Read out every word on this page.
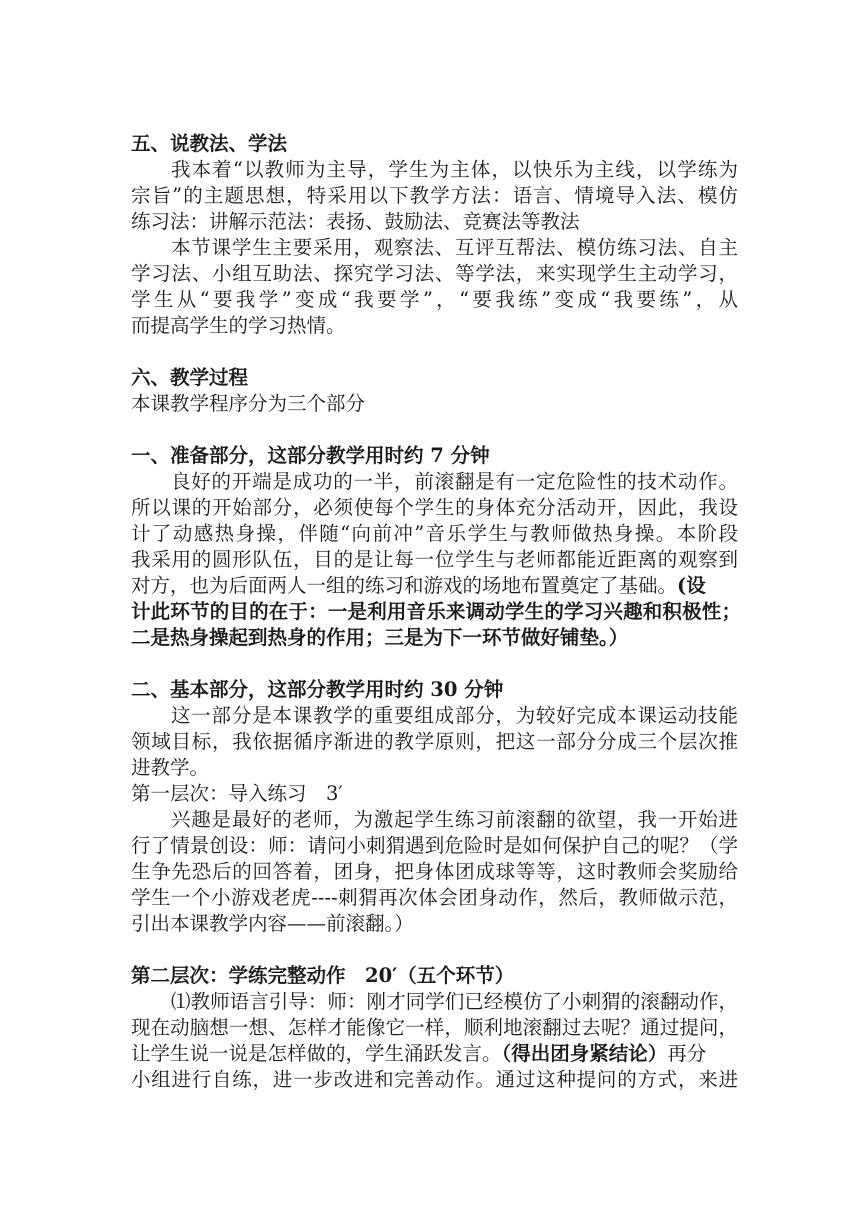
五、说教法、学法
我本着“以教师为主导，学生为主体，以快乐为主线，以学练为
宗旨”的主题思想，特采用以下教学方法：语言、情境导入法、模仿
练习法：讲解示范法：表扬、鼓励法、竞赛法等教法
本节课学生主要采用，观察法、互评互帮法、模仿练习法、自主
学习法、小组互助法、探究学习法、等学法，来实现学生主动学习，
学生从“要我学”变成“我要学”，“要我练”变成“我要练”，从
而提高学生的学习热情。
六、教学过程
本课教学程序分为三个部分
一、准备部分，这部分教学用时约 7 分钟
良好的开端是成功的一半，前滚翻是有一定危险性的技术动作。
所以课的开始部分，必须使每个学生的身体充分活动开，因此，我设
计了动感热身操，伴随“向前冲”音乐学生与教师做热身操。本阶段
我采用的圆形队伍，目的是让每一位学生与老师都能近距离的观察到
对方，也为后面两人一组的练习和游戏的场地布置奠定了基础。(设
计此环节的目的在于：一是利用音乐来调动学生的学习兴趣和积极性；
二是热身操起到热身的作用；三是为下一环节做好铺垫。）
二、基本部分，这部分教学用时约 30 分钟
这一部分是本课教学的重要组成部分，为较好完成本课运动技能
领域目标，我依据循序渐进的教学原则，把这一部分分成三个层次推
进教学。
第一层次：导入练习　3′
兴趣是最好的老师，为激起学生练习前滚翻的欲望，我一开始进
行了情景创设：师：请问小刺猬遇到危险时是如何保护自己的呢？（学
生争先恐后的回答着，团身，把身体团成球等等，这时教师会奖励给
学生一个小游戏老虎----刺猬再次体会团身动作，然后，教师做示范，
引出本课教学内容——前滚翻。）
第二层次：学练完整动作　20′（五个环节）
⑴教师语言引导：师：刚才同学们已经模仿了小刺猬的滚翻动作，
现在动脑想一想、怎样才能像它一样，顺利地滚翻过去呢？通过提问，
让学生说一说是怎样做的，学生涌跃发言。（得出团身紧结论）再分
小组进行自练，进一步改进和完善动作。通过这种提问的方式，来进
